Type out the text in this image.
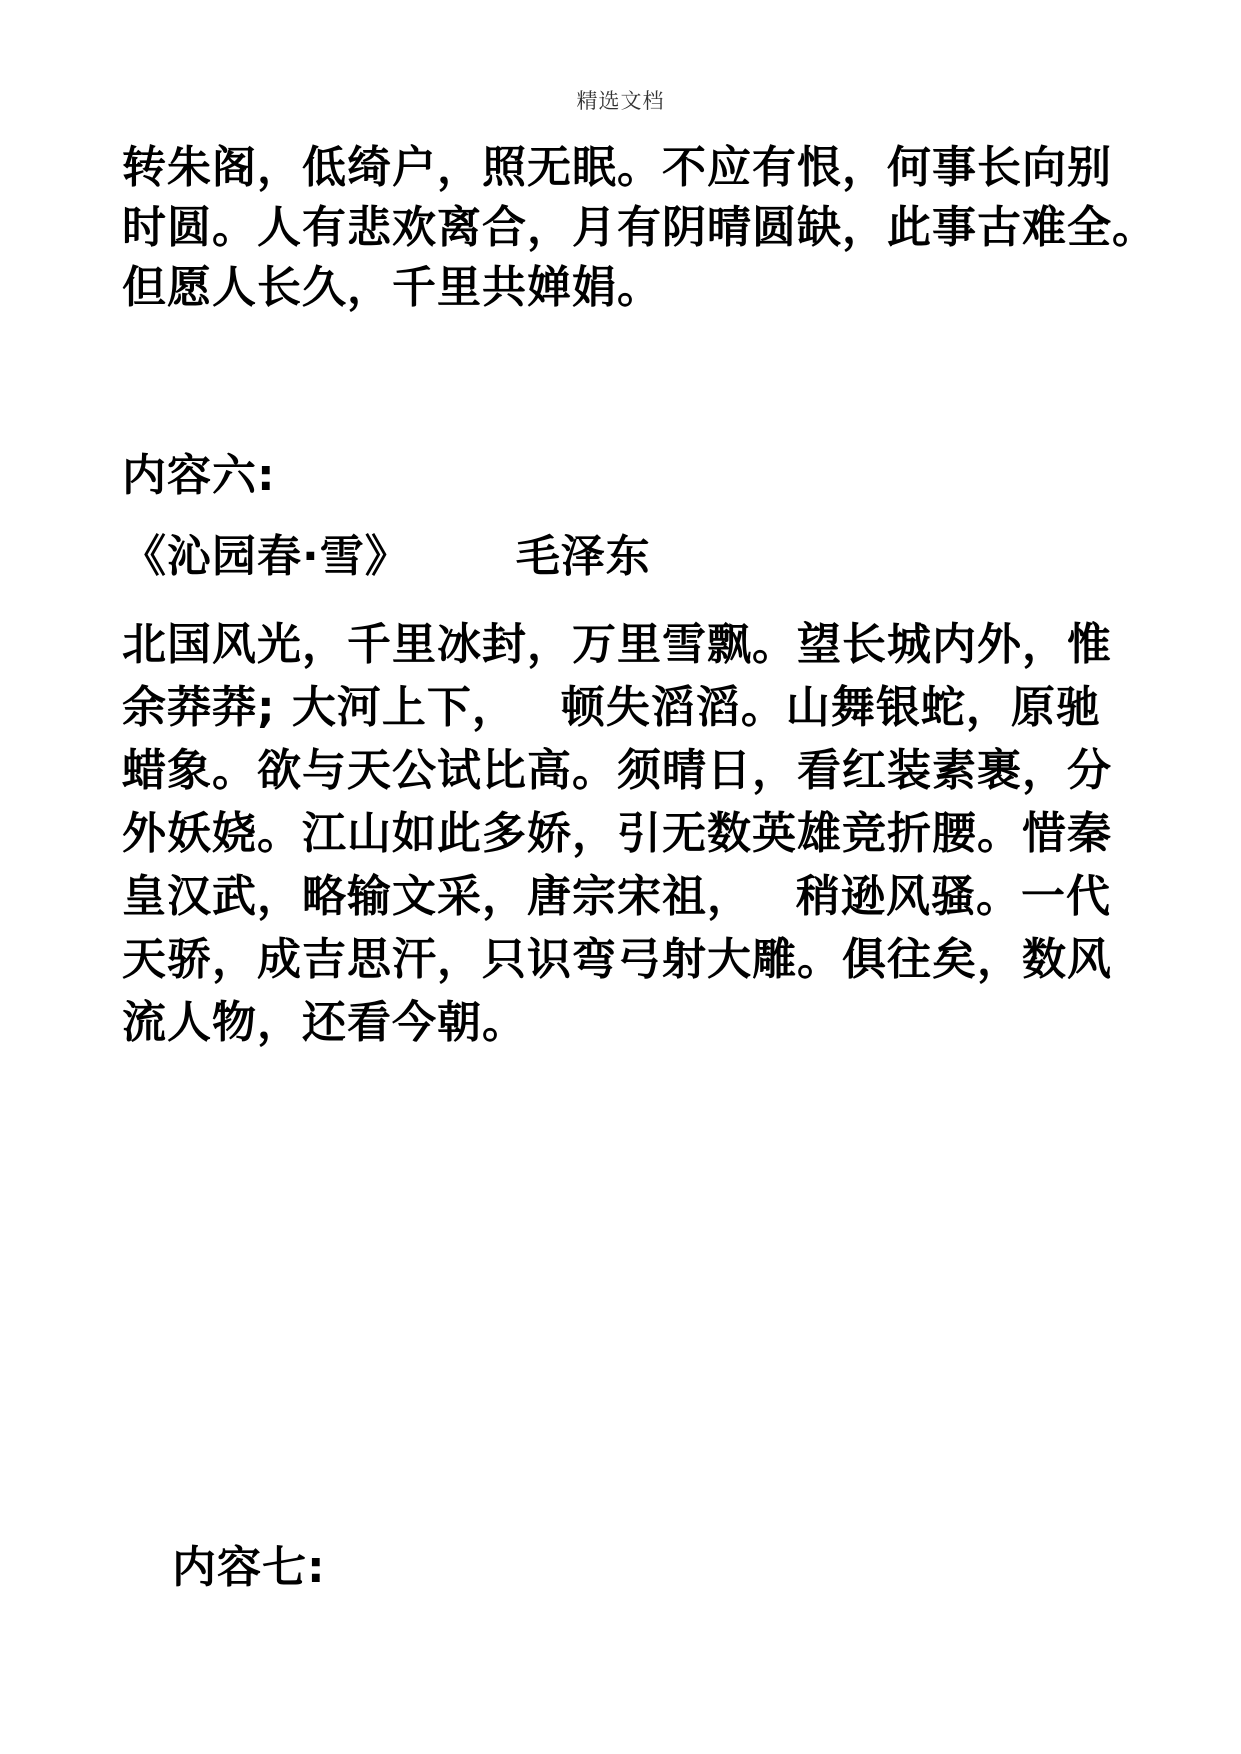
精选文档
转朱阁，低绮户，照无眠。不应有恨，何事长向别
时圆。人有悲欢离合，月有阴晴圆缺，此事古难全。
但愿人长久，千里共婵娟。
内容六:
《沁园春·雪》 毛泽东
北国风光，千里冰封，万里雪飘。望长城内外，惟
余莽莽; 大河上下， 顿失滔滔。山舞银蛇，原驰
蜡象。欲与天公试比高。须晴日，看红装素裹，分
外妖娆。江山如此多娇，引无数英雄竞折腰。惜秦
皇汉武，略输文采，唐宗宋祖， 稍逊风骚。一代
天骄，成吉思汗，只识弯弓射大雕。俱往矣，数风
流人物，还看今朝。
内容七:
